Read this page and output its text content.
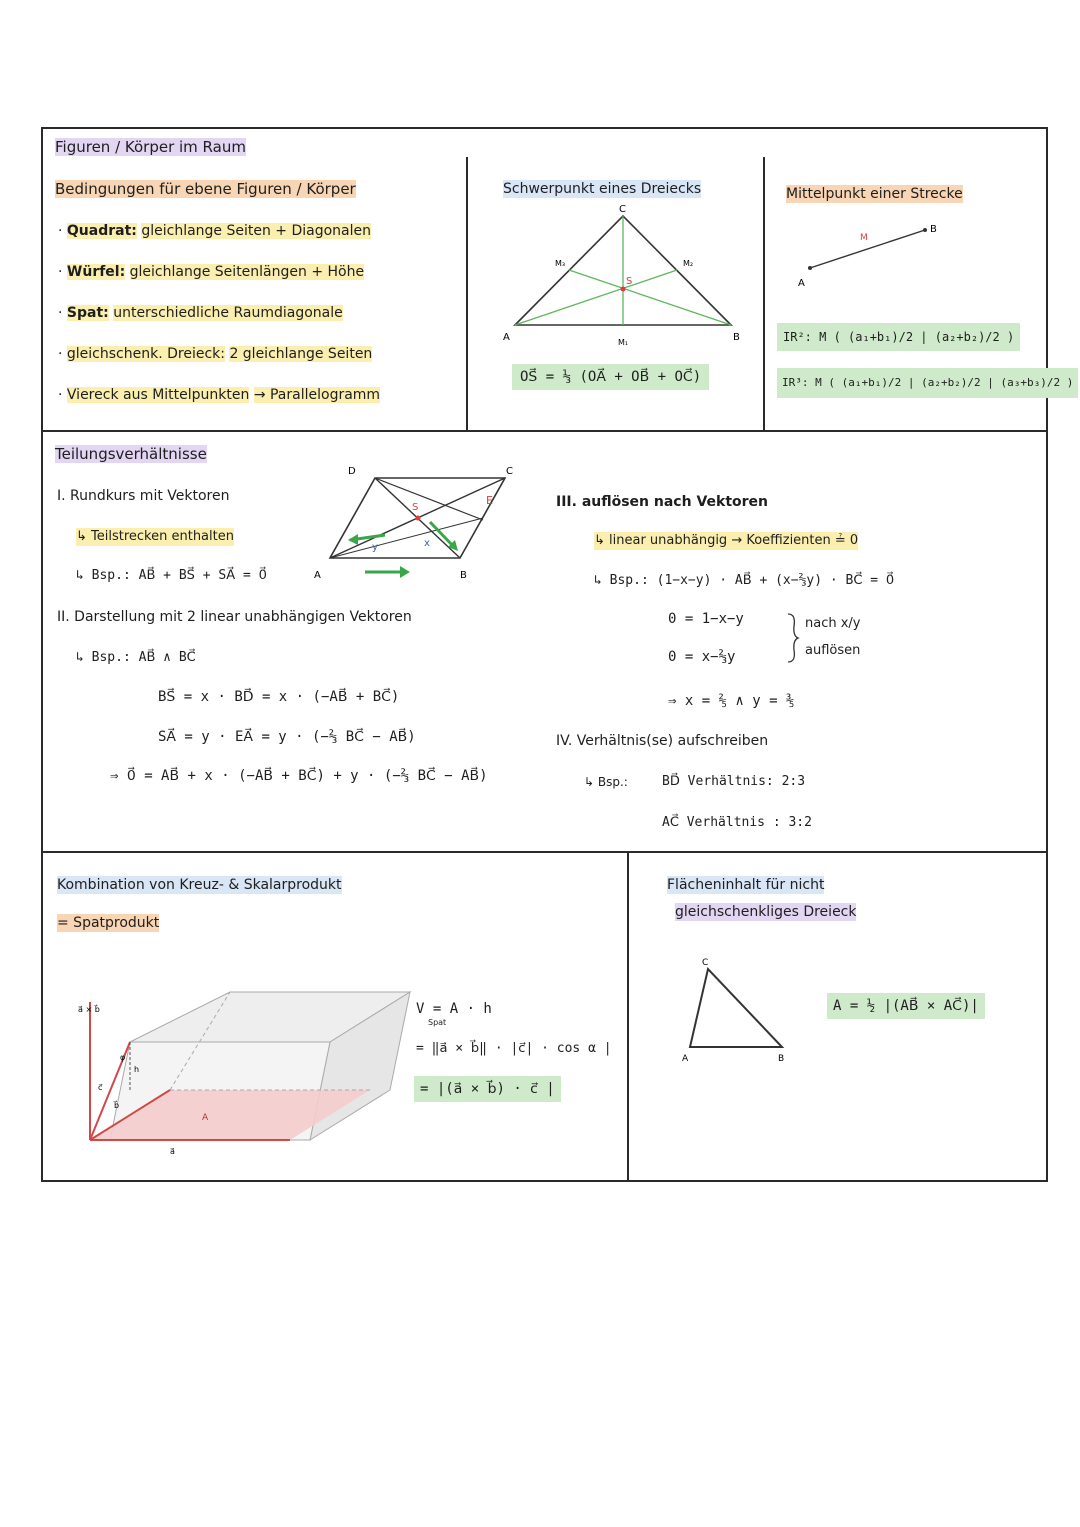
Figuren / Körper im Raum
Bedingungen für ebene Figuren / Körper
· Quadrat: gleichlange Seiten + Diagonalen
· Würfel: gleichlange Seitenlängen + Höhe
· Spat: unterschiedliche Raumdiagonale
· gleichschenk. Dreieck: 2 gleichlange Seiten
· Viereck aus Mittelpunkten → Parallelogramm
Schwerpunkt eines Dreiecks
C
A	B
S
M₃	M₂
M₁
OS⃗ = ⅓ (OA⃗ + OB⃗ + OC⃗)
Mittelpunkt einer Strecke
A
B
M
IR²: M ( (a₁+b₁)/2 | (a₂+b₂)/2 )
IR³: M ( (a₁+b₁)/2 | (a₂+b₂)/2 | (a₃+b₃)/2 )
Teilungsverhältnisse
I. Rundkurs mit Vektoren
↳ Teilstrecken enthalten
↳ Bsp.: AB⃗ + BS⃗ + SA⃗ = 0⃗
D	C
A	B
E
S
x
y
II. Darstellung mit 2 linear unabhängigen Vektoren
↳ Bsp.: AB⃗ ∧ BC⃗
BS⃗ = x · BD⃗ = x · (−AB⃗ + BC⃗)
SA⃗ = y · EA⃗ = y · (−⅔ BC⃗ − AB⃗)
⇒ 0⃗ = AB⃗ + x · (−AB⃗ + BC⃗) + y · (−⅔ BC⃗ − AB⃗)
III. auflösen nach Vektoren
↳ linear unabhängig → Koeffizienten ≟ 0
↳ Bsp.: (1−x−y) · AB⃗ + (x−⅔y) · BC⃗ = 0⃗
0 = 1−x−y
0 = x−⅔y
nach x/y
auflösen
⇒ x = ⅖ ∧ y = ⅗
IV. Verhältnis(se) aufschreiben
↳ Bsp.:	BD⃗ Verhältnis: 2:3
AC⃗ Verhältnis : 3:2
Kombination von Kreuz- & Skalarprodukt
= Spatprodukt
a⃗ × b⃗
c⃗
b⃗
a⃗
h
A
φ
V = A · h
Spat
= ‖a⃗ × b⃗‖ · |c⃗| · cos α |
= |(a⃗ × b⃗) · c⃗ |
Flächeninhalt für nicht
gleichschenkliges Dreieck
C
A	B
A = ½ |(AB⃗ × AC⃗)|
